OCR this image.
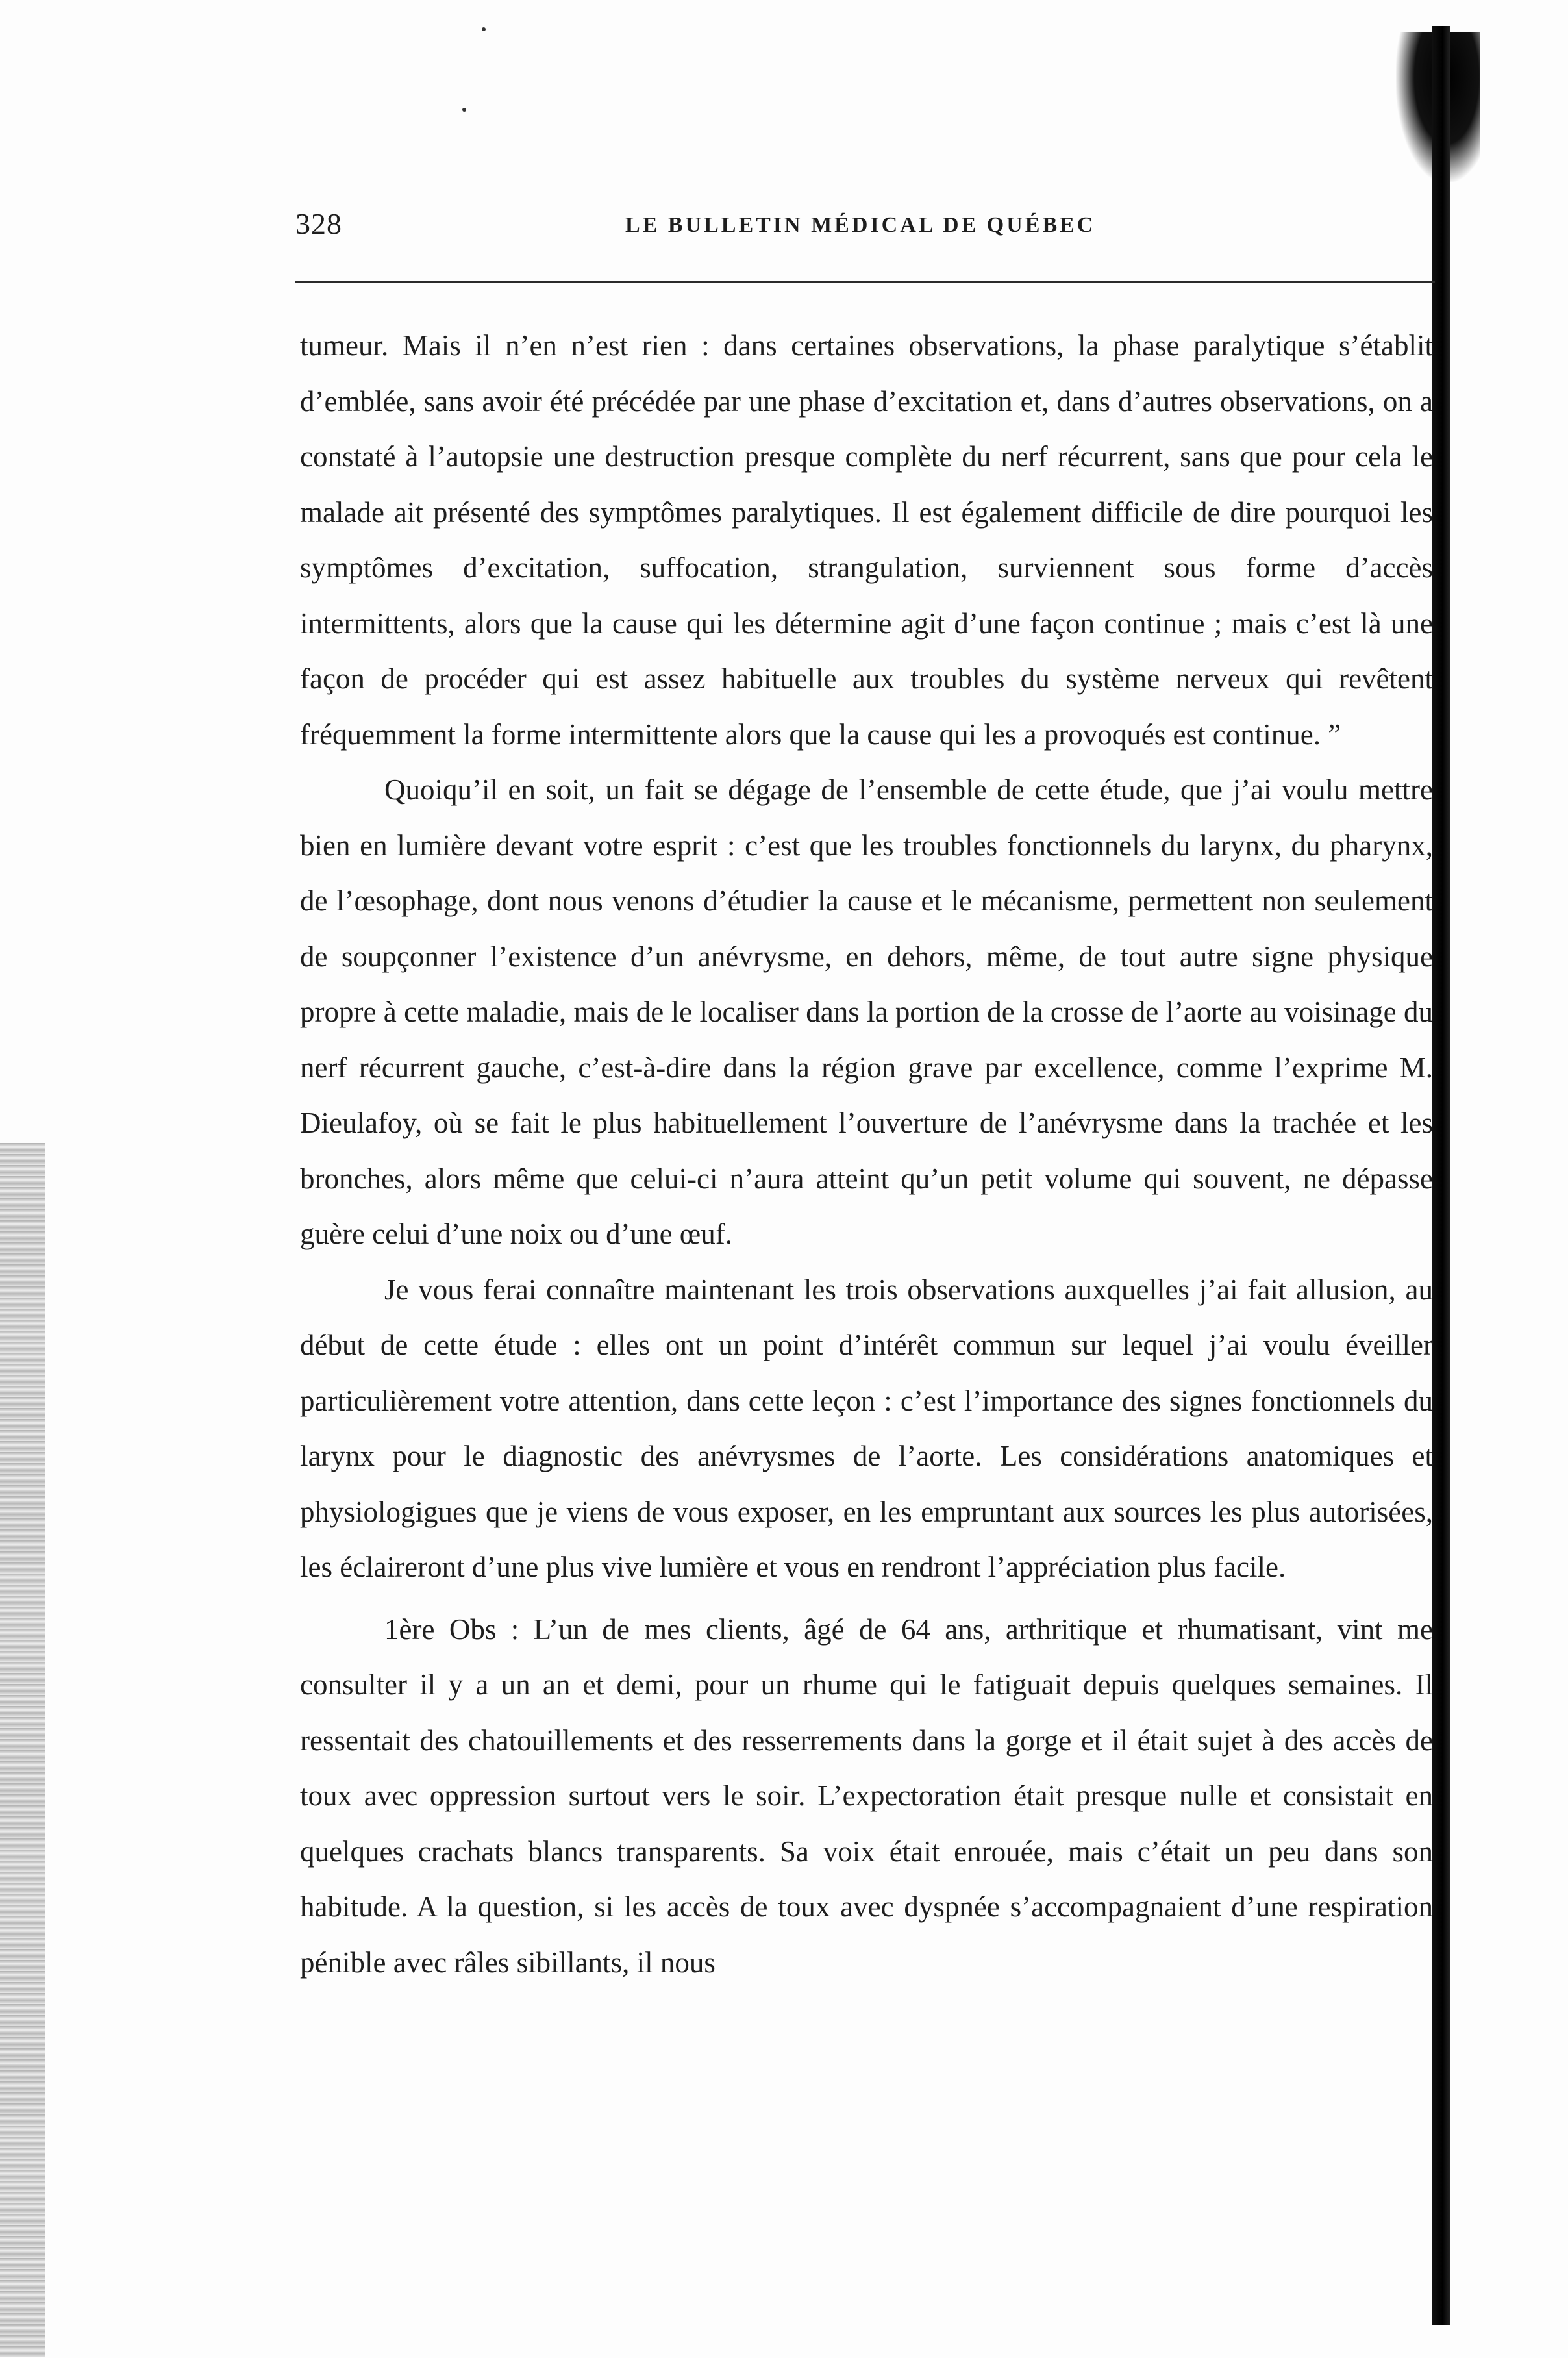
328	LE BULLETIN MÉDICAL DE QUÉBEC

tumeur. Mais il n’en n’est rien : dans certaines observations, la phase paralytique s’établit d’emblée, sans avoir été précédée par une phase d’excitation et, dans d’autres observations, on a constaté à l’autopsie une destruction presque complète du nerf récurrent, sans que pour cela le malade ait présenté des symptômes paralytiques. Il est également difficile de dire pourquoi les symptômes d’excitation, suffocation, strangulation, surviennent sous forme d’accès intermittents, alors que la cause qui les détermine agit d’une façon continue ; mais c’est là une façon de procéder qui est assez habituelle aux troubles du système nerveux qui revêtent fréquemment la forme intermittente alors que la cause qui les a provoqués est continue. ”

Quoiqu’il en soit, un fait se dégage de l’ensemble de cette étude, que j’ai voulu mettre bien en lumière devant votre esprit : c’est que les troubles fonctionnels du larynx, du pharynx, de l’œsophage, dont nous venons d’étudier la cause et le mécanisme, permettent non seulement de soupçonner l’existence d’un anévrysme, en dehors, même, de tout autre signe physique propre à cette maladie, mais de le localiser dans la portion de la crosse de l’aorte au voisinage du nerf récurrent gauche, c’est-à-dire dans la région grave par excellence, comme l’exprime M. Dieulafoy, où se fait le plus habituellement l’ouverture de l’anévrysme dans la trachée et les bronches, alors même que celui-ci n’aura atteint qu’un petit volume qui souvent, ne dépasse guère celui d’une noix ou d’une œuf.

Je vous ferai connaître maintenant les trois observations auxquelles j’ai fait allusion, au début de cette étude : elles ont un point d’intérêt commun sur lequel j’ai voulu éveiller particulièrement votre attention, dans cette leçon : c’est l’importance des signes fonctionnels du larynx pour le diagnostic des anévrysmes de l’aorte. Les considérations anatomiques et physiologigues que je viens de vous exposer, en les empruntant aux sources les plus autorisées, les éclaireront d’une plus vive lumière et vous en rendront l’appréciation plus facile.

1ère Obs : L’un de mes clients, âgé de 64 ans, arthritique et rhumatisant, vint me consulter il y a un an et demi, pour un rhume qui le fatiguait depuis quelques semaines. Il ressentait des chatouillements et des resserrements dans la gorge et il était sujet à des accès de toux avec oppression surtout vers le soir. L’expectoration était presque nulle et consistait en quelques crachats blancs transparents. Sa voix était enrouée, mais c’était un peu dans son habitude. A la question, si les accès de toux avec dyspnée s’accompagnaient d’une respiration pénible avec râles sibillants, il nous
